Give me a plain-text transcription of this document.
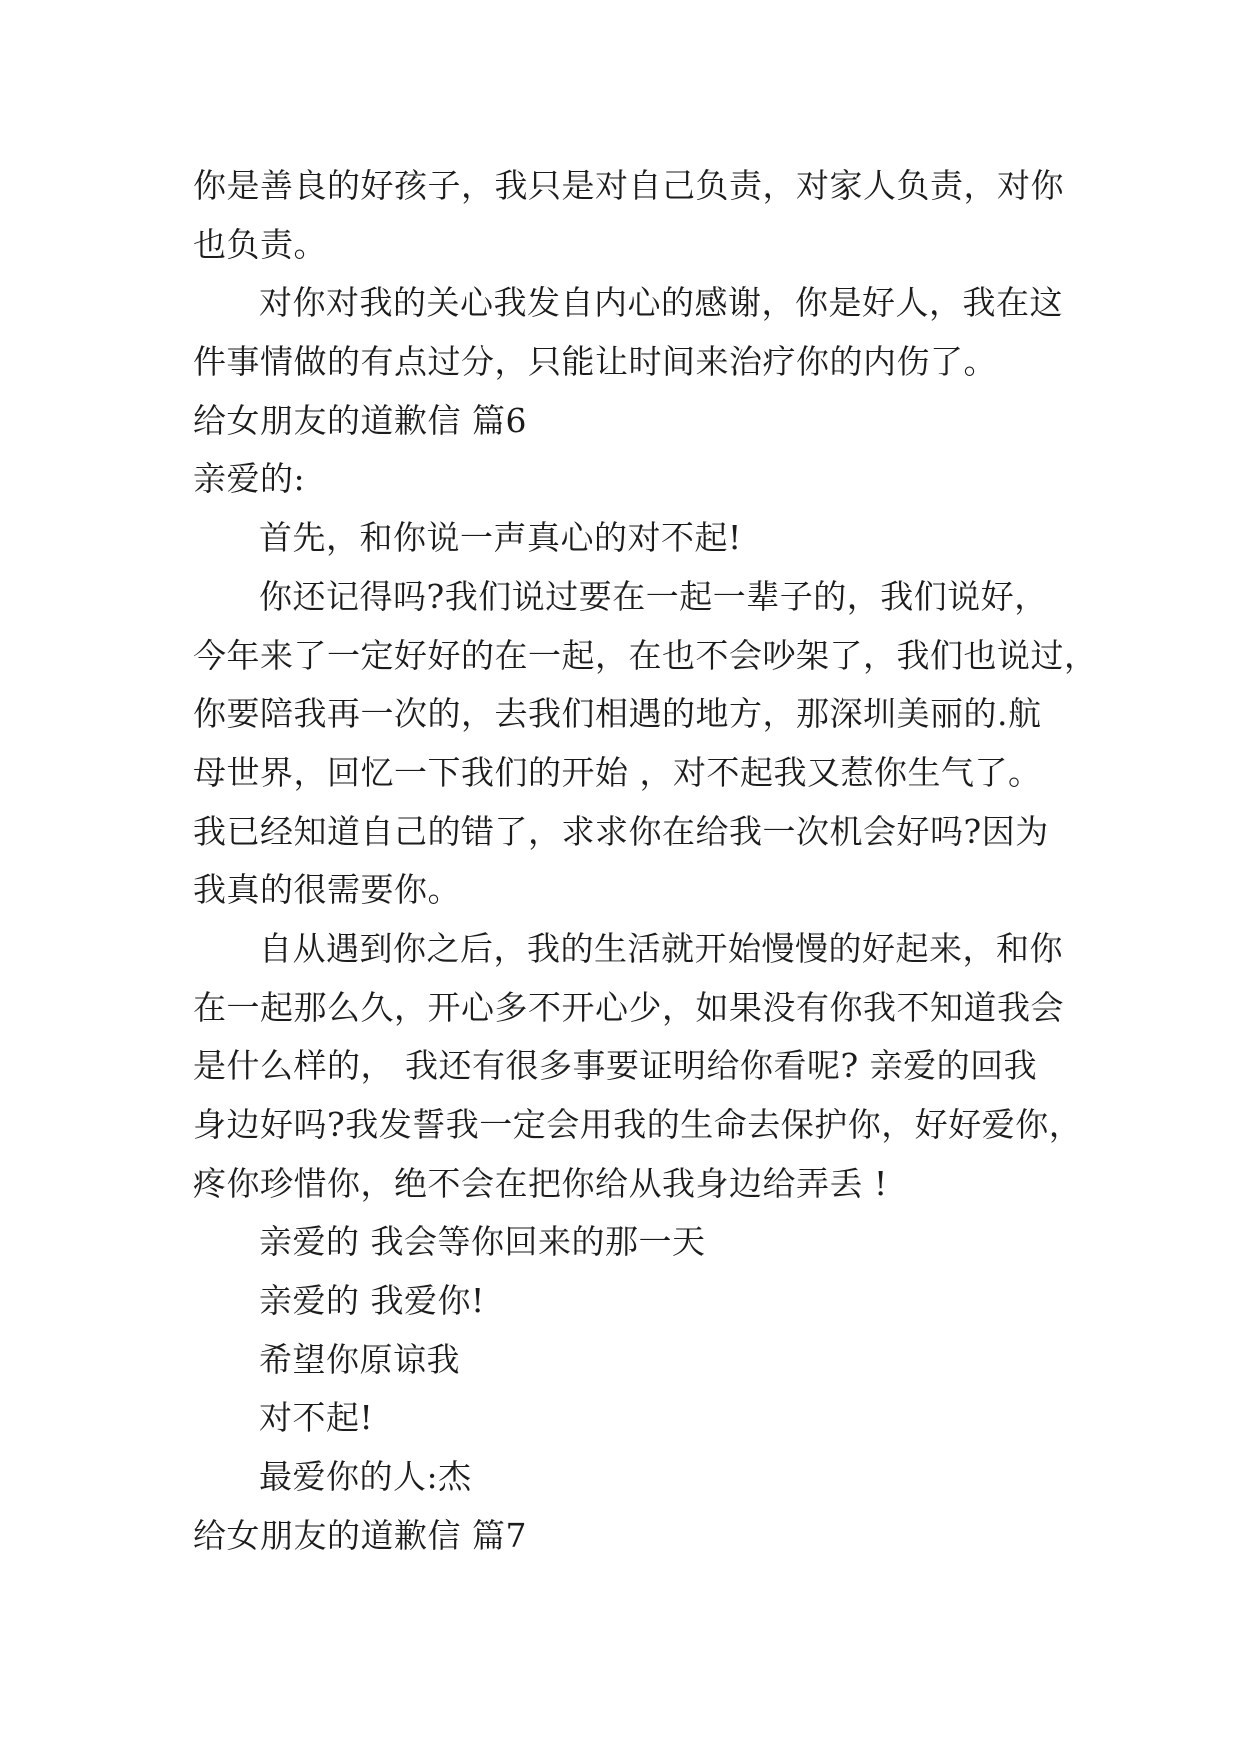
你是善良的好孩子，我只是对自己负责，对家人负责，对你
也负责。
对你对我的关心我发自内心的感谢，你是好人，我在这
件事情做的有点过分，只能让时间来治疗你的内伤了。
给女朋友的道歉信 篇6
亲爱的:
首先，和你说一声真心的对不起!
你还记得吗?我们说过要在一起一辈子的，我们说好，
今年来了一定好好的在一起，在也不会吵架了，我们也说过，
你要陪我再一次的，去我们相遇的地方，那深圳美丽的.航
母世界，回忆一下我们的开始 ，对不起我又惹你生气了。
我已经知道自己的错了，求求你在给我一次机会好吗?因为
我真的很需要你。
自从遇到你之后，我的生活就开始慢慢的好起来，和你
在一起那么久，开心多不开心少，如果没有你我不知道我会
是什么样的， 我还有很多事要证明给你看呢? 亲爱的回我
身边好吗?我发誓我一定会用我的生命去保护你，好好爱你，
疼你珍惜你，绝不会在把你给从我身边给弄丢 !
亲爱的 我会等你回来的那一天
亲爱的 我爱你!
希望你原谅我
对不起!
最爱你的人:杰
给女朋友的道歉信 篇7
